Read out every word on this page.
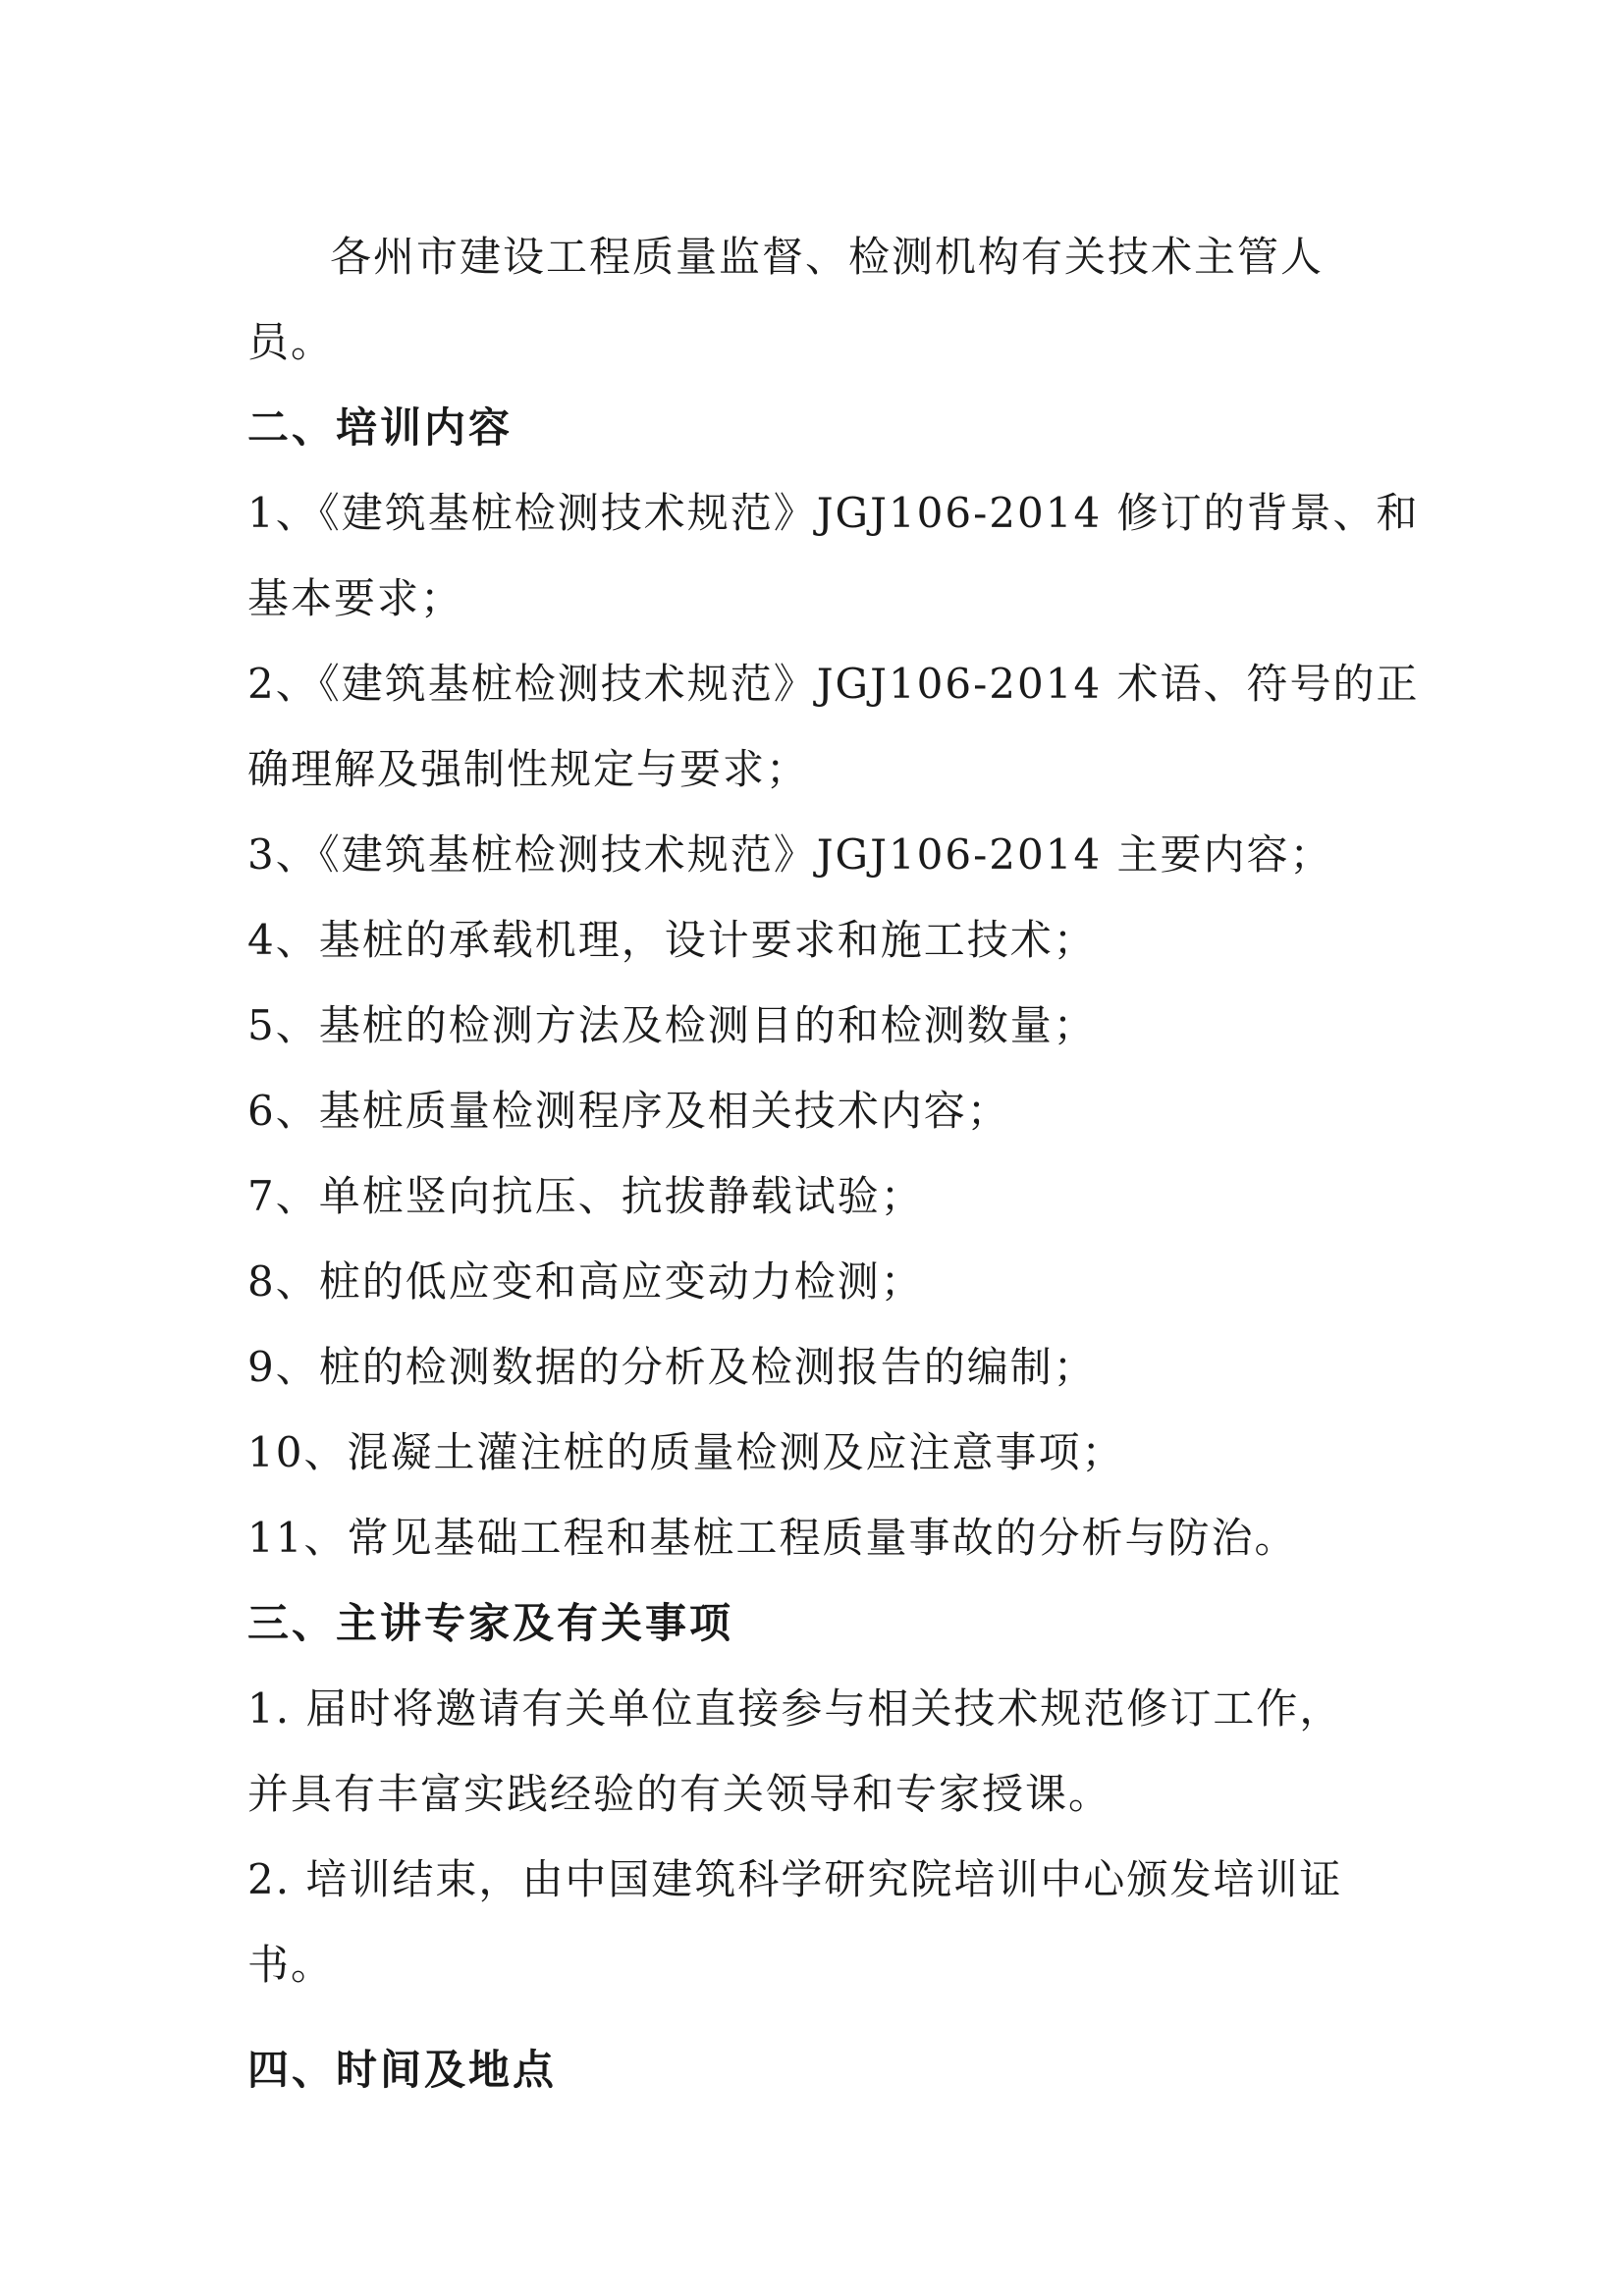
各州市建设工程质量监督、检测机构有关技术主管人

员。

二、培训内容

1、《建筑基桩检测技术规范》JGJ106-2014 修订的背景、和

基本要求；

2、《建筑基桩检测技术规范》JGJ106-2014 术语、符号的正

确理解及强制性规定与要求；

3、《建筑基桩检测技术规范》JGJ106-2014 主要内容；

4、基桩的承载机理，设计要求和施工技术；

5、基桩的检测方法及检测目的和检测数量；

6、基桩质量检测程序及相关技术内容；

7、单桩竖向抗压、抗拔静载试验；

8、桩的低应变和高应变动力检测；

9、桩的检测数据的分析及检测报告的编制；

10、混凝土灌注桩的质量检测及应注意事项；

11、常见基础工程和基桩工程质量事故的分析与防治。

三、主讲专家及有关事项

1. 届时将邀请有关单位直接参与相关技术规范修订工作，

并具有丰富实践经验的有关领导和专家授课。

2. 培训结束，由中国建筑科学研究院培训中心颁发培训证

书。

四、时间及地点
